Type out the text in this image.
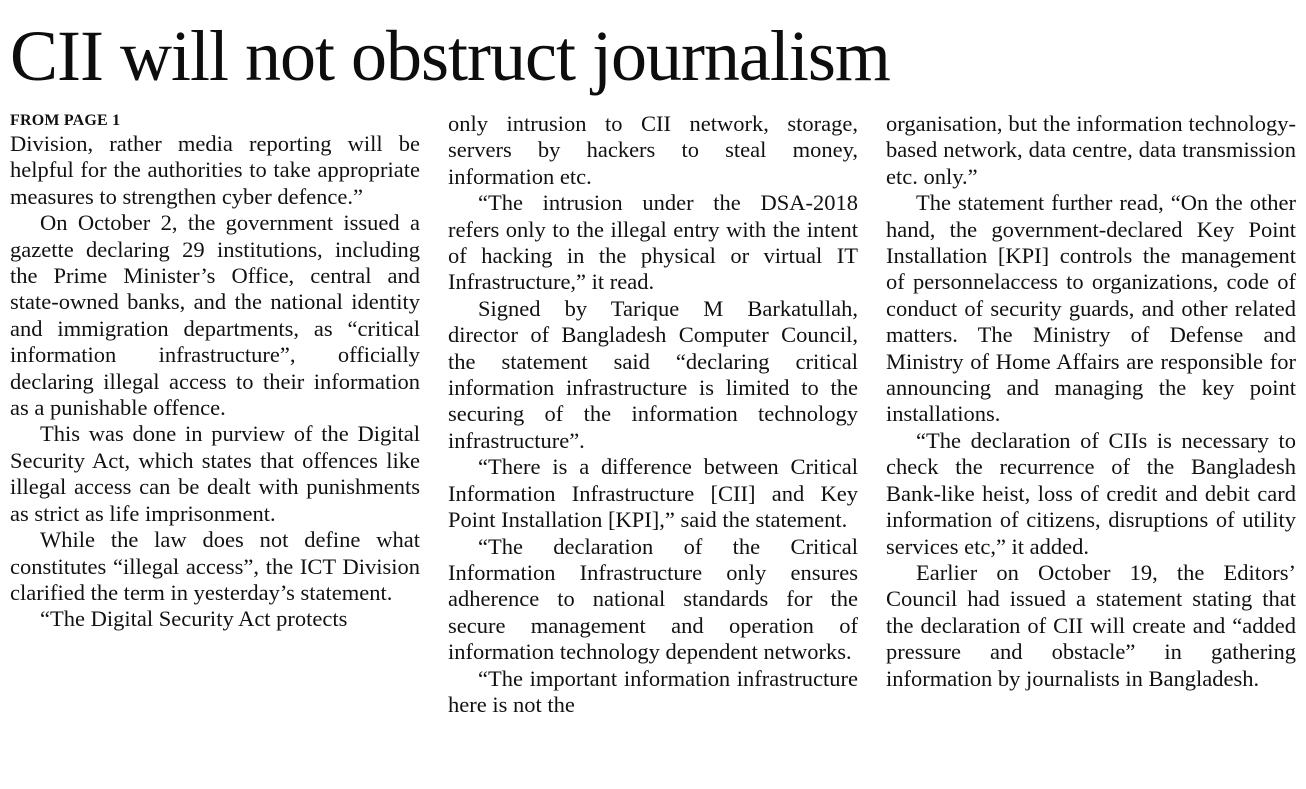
CII will not obstruct journalism

FROM PAGE 1

Division, rather media reporting will be helpful for the authorities to take appropriate measures to strengthen cyber defence.”

On October 2, the government issued a gazette declaring 29 institutions, including the Prime Minister’s Office, central and state-owned banks, and the national identity and immigration departments, as “critical information infrastructure”, officially declaring illegal access to their information as a punishable offence.

This was done in purview of the Digital Security Act, which states that offences like illegal access can be dealt with punishments as strict as life imprisonment.

While the law does not define what constitutes “illegal access”, the ICT Division clarified the term in yesterday’s statement.

“The Digital Security Act protects

only intrusion to CII network, storage, servers by hackers to steal money, information etc.

“The intrusion under the DSA-2018 refers only to the illegal entry with the intent of hacking in the physical or virtual IT Infrastructure,” it read.

Signed by Tarique M Barkatullah, director of Bangladesh Computer Council, the statement said “declaring critical information infrastructure is limited to the securing of the information technology infrastructure”.

“There is a difference between Critical Information Infrastructure [CII] and Key Point Installation [KPI],” said the statement.

“The declaration of the Critical Information Infrastructure only ensures adherence to national standards for the secure management and operation of information technology dependent networks.

“The important information infrastructure here is not the

organisation, but the information technology-based network, data centre, data transmission etc. only.”

The statement further read, “On the other hand, the government-declared Key Point Installation [KPI] controls the management of personnelaccess to organizations, code of conduct of security guards, and other related matters. The Ministry of Defense and Ministry of Home Affairs are responsible for announcing and managing the key point installations.

“The declaration of CIIs is necessary to check the recurrence of the Bangladesh Bank-like heist, loss of credit and debit card information of citizens, disruptions of utility services etc,” it added.

Earlier on October 19, the Editors’ Council had issued a statement stating that the declaration of CII will create and “added pressure and obstacle” in gathering information by journalists in Bangladesh.
